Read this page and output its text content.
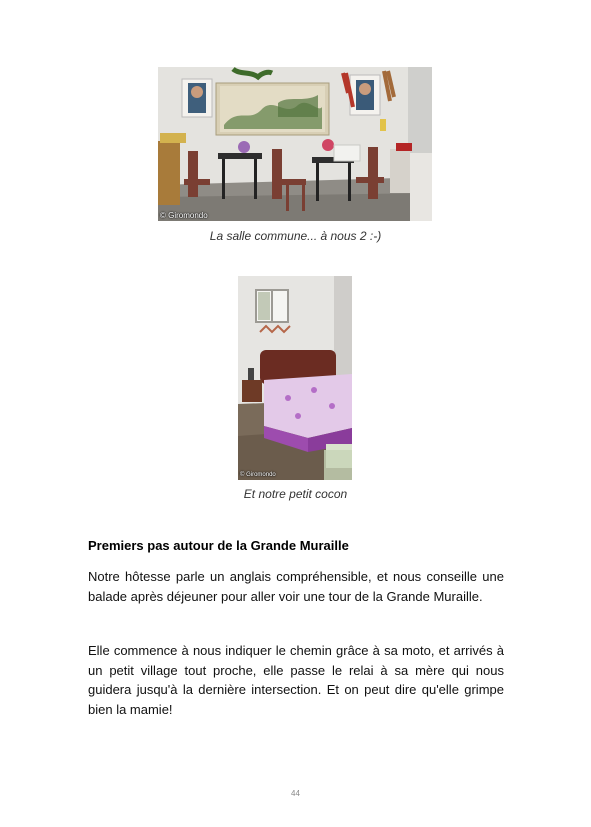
© Giromondo
La salle commune... à nous 2 :-)
© Giromondo
Et notre petit cocon
Premiers pas autour de la Grande Muraille

Notre hôtesse parle un anglais compréhensible, et nous conseille une balade après déjeuner pour aller voir une tour de la Grande Muraille.

Elle commence à nous indiquer le chemin grâce à sa moto, et arrivés à un petit village tout proche, elle passe le relai à sa mère qui nous guidera jusqu'à la dernière intersection. Et on peut dire qu'elle grimpe bien la mamie!

44
